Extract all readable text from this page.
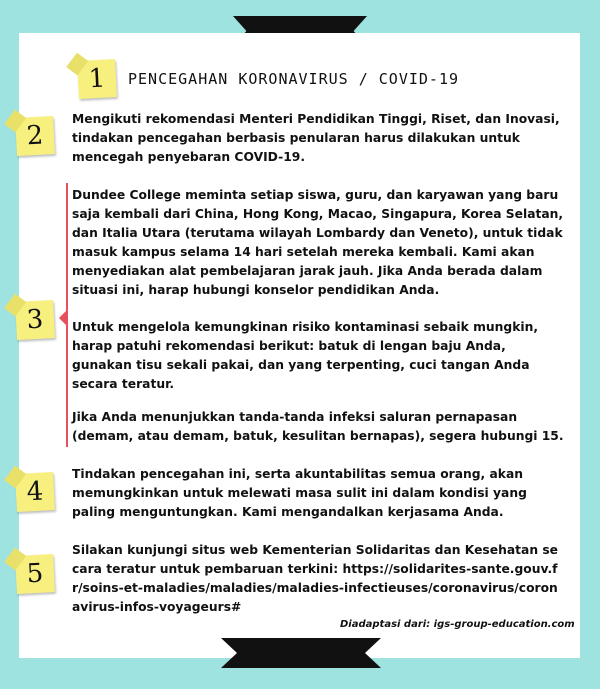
1	PENCEGAHAN KORONAVIRUS / COVID-19
2

Mengikuti rekomendasi Menteri Pendidikan Tinggi, Riset, dan Inovasi, tindakan pencegahan berbasis penularan harus dilakukan untuk mencegah penyebaran COVID-19.

Dundee College meminta setiap siswa, guru, dan karyawan yang baru saja kembali dari China, Hong Kong, Macao, Singapura, Korea Selatan, dan Italia Utara (terutama wilayah Lombardy dan Veneto), untuk tidak masuk kampus selama 14 hari setelah mereka kembali. Kami akan menyediakan alat pembelajaran jarak jauh. Jika Anda berada dalam situasi ini, harap hubungi konselor pendidikan Anda.

3	Untuk mengelola kemungkinan risiko kontaminasi sebaik mungkin, harap patuhi rekomendasi berikut: batuk di lengan baju Anda, gunakan tisu sekali pakai, dan yang terpenting, cuci tangan Anda secara teratur.

Jika Anda menunjukkan tanda-tanda infeksi saluran pernapasan (demam, atau demam, batuk, kesulitan bernapas), segera hubungi 15.

4

Tindakan pencegahan ini, serta akuntabilitas semua orang, akan memungkinkan untuk melewati masa sulit ini dalam kondisi yang paling menguntungkan. Kami mengandalkan kerjasama Anda.

5

Silakan kunjungi situs web Kementerian Solidaritas dan Kesehatan secara teratur untuk pembaruan terkini: https://solidarites-sante.gouv.fr/soins-et-maladies/maladies/maladies-infectieuses/coronavirus/coronavirus-infos-voyageurs#

Diadaptasi dari: igs-group-education.com
